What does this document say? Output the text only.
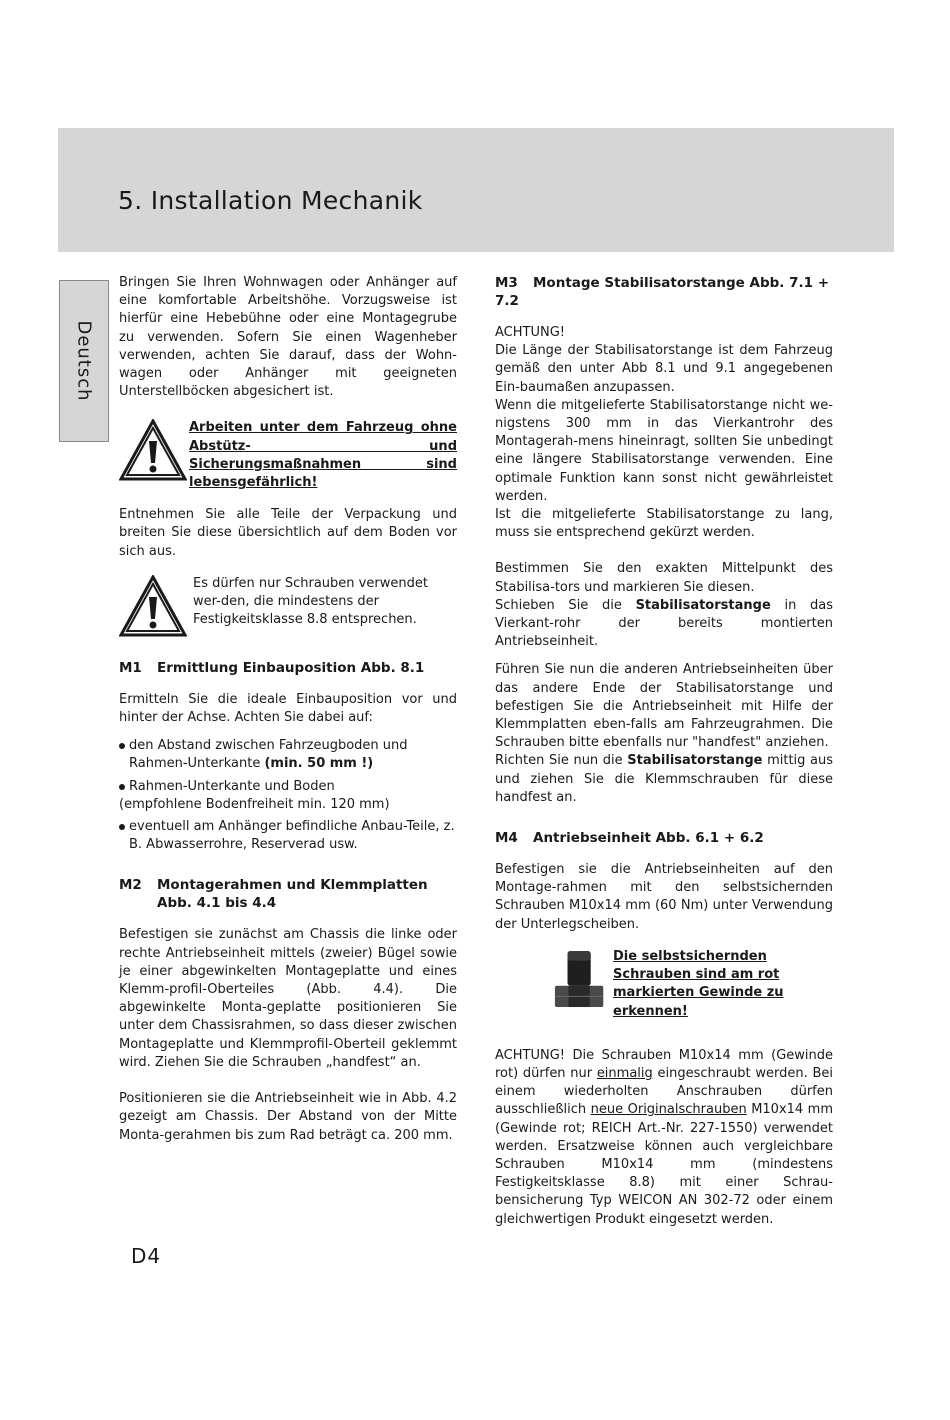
5. Installation Mechanik
Deutsch

Bringen Sie Ihren Wohnwagen oder Anhänger auf eine komfortable Arbeitshöhe. Vorzugsweise ist hierfür eine Hebebühne oder eine Montagegrube zu verwenden. Sofern Sie einen Wagenheber verwenden, achten Sie darauf, dass der Wohn-wagen oder Anhänger mit geeigneten Unterstellböcken abgesichert ist.

Arbeiten unter dem Fahrzeug ohne Abstütz- und Sicherungsmaßnahmen sind lebensgefährlich!

Entnehmen Sie alle Teile der Verpackung und breiten Sie diese übersichtlich auf dem Boden vor sich aus.

Es dürfen nur Schrauben verwendet wer-den, die mindestens der Festigkeitsklasse 8.8 entsprechen.
M1 Ermittlung Einbauposition Abb. 8.1

Ermitteln Sie die ideale Einbauposition vor und hinter der Achse. Achten Sie dabei auf:

den Abstand zwischen Fahrzeugboden und Rahmen-Unterkante (min. 50 mm !)
Rahmen-Unterkante und Boden
(empfohlene Bodenfreiheit min. 120 mm)
eventuell am Anhänger befindliche Anbau-Teile, z. B. Abwasserrohre, Reserverad usw.
M2	Montagerahmen und Klemmplatten
Abb. 4.1 bis 4.4

Befestigen sie zunächst am Chassis die linke oder rechte Antriebseinheit mittels (zweier) Bügel sowie je einer abgewinkelten Montageplatte und eines Klemm-profil-Oberteiles (Abb. 4.4). Die abgewinkelte Monta-geplatte positionieren Sie unter dem Chassisrahmen, so dass dieser zwischen Montageplatte und Klemmprofil-Oberteil geklemmt wird. Ziehen Sie die Schrauben „handfest“ an.

Positionieren sie die Antriebseinheit wie in Abb. 4.2 gezeigt am Chassis. Der Abstand von der Mitte Monta-gerahmen bis zum Rad beträgt ca. 200 mm.

M3 Montage Stabilisatorstange Abb. 7.1 + 7.2

ACHTUNG!

Die Länge der Stabilisatorstange ist dem Fahrzeug gemäß den unter Abb 8.1 und 9.1 angegebenen Ein-baumaßen anzupassen.

Wenn die mitgelieferte Stabilisatorstange nicht we-nigstens 300 mm in das Vierkantrohr des Montagerah-mens hineinragt, sollten Sie unbedingt eine längere Stabilisatorstange verwenden. Eine optimale Funktion kann sonst nicht gewährleistet werden.

Ist die mitgelieferte Stabilisatorstange zu lang, muss sie entsprechend gekürzt werden.

Bestimmen Sie den exakten Mittelpunkt des Stabilisa-tors und markieren Sie diesen.

Schieben Sie die Stabilisatorstange in das Vierkant-rohr der bereits montierten Antriebseinheit.

Führen Sie nun die anderen Antriebseinheiten über das andere Ende der Stabilisatorstange und befestigen Sie die Antriebseinheit mit Hilfe der Klemmplatten eben-falls am Fahrzeugrahmen. Die Schrauben bitte ebenfalls nur "handfest" anziehen.

Richten Sie nun die Stabilisatorstange mittig aus und ziehen Sie die Klemmschrauben für diese handfest an.

M4 Antriebseinheit Abb. 6.1 + 6.2

Befestigen sie die Antriebseinheiten auf den Montage-rahmen mit den selbstsichernden Schrauben M10x14 mm (60 Nm) unter Verwendung der Unterlegscheiben.

Die selbstsichernden Schrauben sind am rot markierten Gewinde zu erkennen!

ACHTUNG! Die Schrauben M10x14 mm (Gewinde rot) dürfen nur einmalig eingeschraubt werden. Bei einem wiederholten Anschrauben dürfen ausschließlich neue Originalschrauben M10x14 mm (Gewinde rot; REICH Art.-Nr. 227-1550) verwendet werden. Ersatzweise können auch vergleichbare Schrauben M10x14 mm (mindestens Festigkeitsklasse 8.8) mit einer Schrau-bensicherung Typ WEICON AN 302-72 oder einem gleichwertigen Produkt eingesetzt werden.

D4
